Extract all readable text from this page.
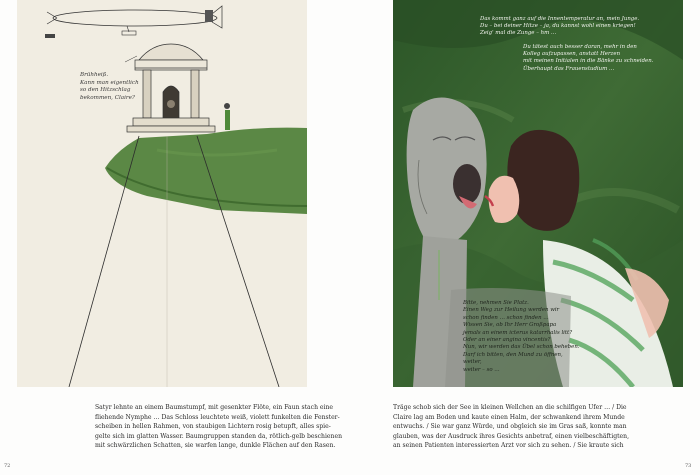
Brühheiß.
Kann man eigentlich
so den Hitzschlag
bekommen, Claire?
Das kommt ganz auf die Innentemperatur an, mein Junge.
Du – bei deiner Hitze – ja, du kannst wohl einen kriegen!
Zeig' mal die Zunge – hm …
Du tätest auch besser daran, mehr in den
Kolleg aufzupassen, anstatt Herzen
mit meinen Initialen in die Bänke zu schneiden.
Überhaupt das Frauenstudium …
Bitte, nehmen Sie Platz.
Einen Weg zur Heilung werden wir
schon finden … schon finden …
Wissen Sie, ob Ihr Herr Großpapa
jemals an einem icterus katarrhalis litt?
Oder an einer angina vincentis?
Nun, wir werden das Übel schon beheben.
Darf ich bitten, den Mund zu öffnen,
weiter,
weiter – so …
Satyr lehnte an einem Baumstumpf, mit gesenkter Flöte, ein Faun stach eine
fliehende Nymphe … Das Schloss leuchtete weiß, violett funkelten die Fenster-
scheiben in hellen Rahmen, von staubigen Lichtern rosig betupft, alles spie-
gelte sich im glatten Wasser. Baumgruppen standen da, rötlich-gelb beschienen
mit schwärzlichen Schatten, sie warfen lange, dunkle Flächen auf den Rasen.
Träge schob sich der See in kleinen Wellchen an die schilfigen Ufer … / Die
Claire lag am Boden und kaute einen Halm, der schwankend ihrem Munde
entwuchs. / Sie war ganz Würde, und obgleich sie im Gras saß, konnte man
glauben, was der Ausdruck ihres Gesichts anbetraf, einen vielbeschäftigten,
an seinen Patienten interessierten Arzt vor sich zu sehen. / Sie kraute sich
72	73
